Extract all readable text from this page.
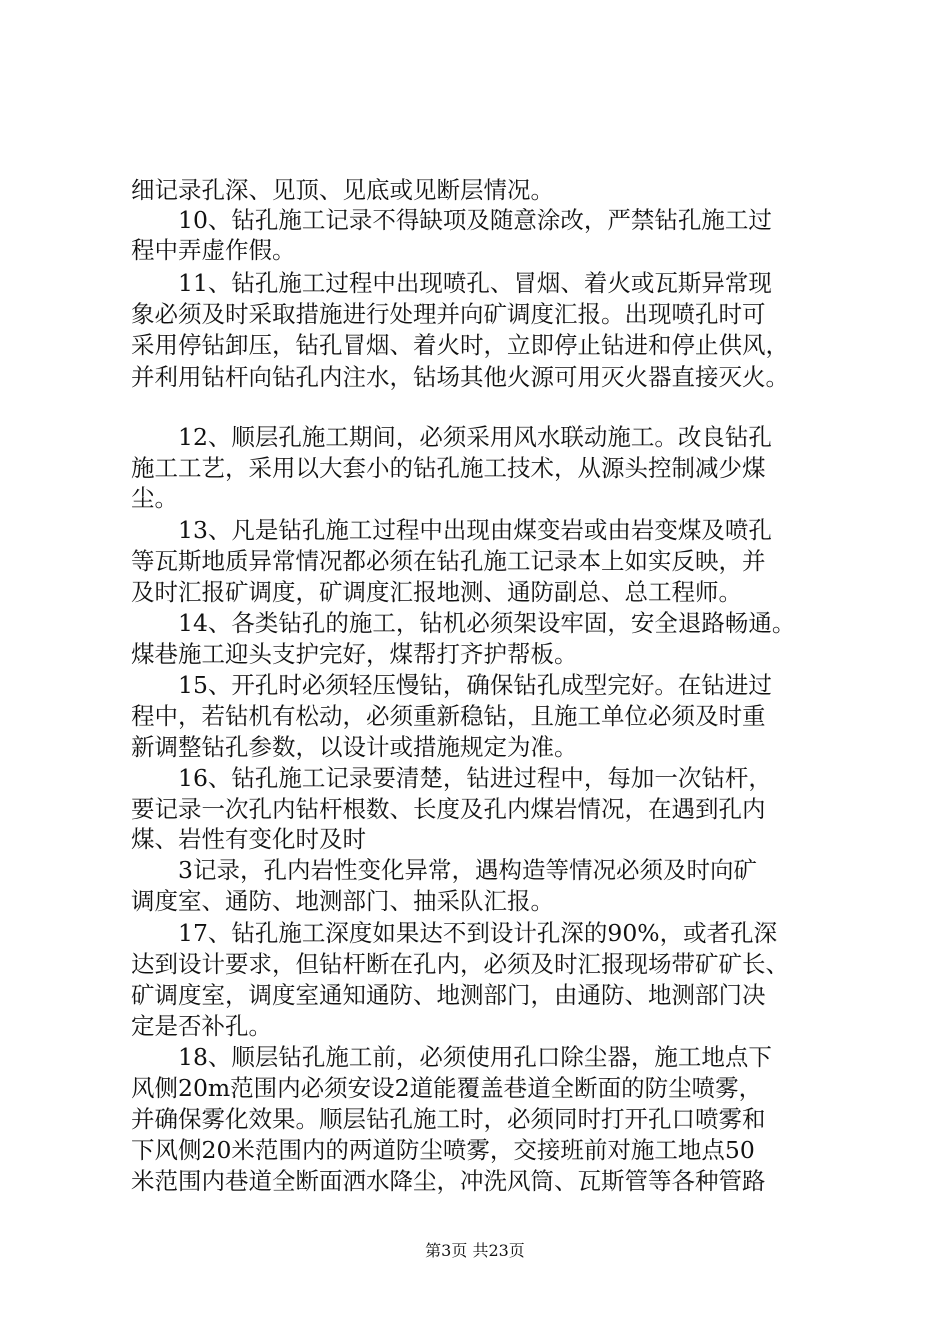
细记录孔深、见顶、见底或见断层情况。
10、钻孔施工记录不得缺项及随意涂改，严禁钻孔施工过
程中弄虚作假。
11、钻孔施工过程中出现喷孔、冒烟、着火或瓦斯异常现
象必须及时采取措施进行处理并向矿调度汇报。出现喷孔时可
采用停钻卸压，钻孔冒烟、着火时，立即停止钻进和停止供风，
并利用钻杆向钻孔内注水，钻场其他火源可用灭火器直接灭火。
12、顺层孔施工期间，必须采用风水联动施工。改良钻孔
施工工艺，采用以大套小的钻孔施工技术，从源头控制减少煤
尘。
13、凡是钻孔施工过程中出现由煤变岩或由岩变煤及喷孔
等瓦斯地质异常情况都必须在钻孔施工记录本上如实反映，并
及时汇报矿调度，矿调度汇报地测、通防副总、总工程师。
14、各类钻孔的施工，钻机必须架设牢固，安全退路畅通。
煤巷施工迎头支护完好，煤帮打齐护帮板。
15、开孔时必须轻压慢钻，确保钻孔成型完好。在钻进过
程中，若钻机有松动，必须重新稳钻，且施工单位必须及时重
新调整钻孔参数，以设计或措施规定为准。
16、钻孔施工记录要清楚，钻进过程中，每加一次钻杆，
要记录一次孔内钻杆根数、长度及孔内煤岩情况，在遇到孔内
煤、岩性有变化时及时
3记录，孔内岩性变化异常，遇构造等情况必须及时向矿
调度室、通防、地测部门、抽采队汇报。
17、钻孔施工深度如果达不到设计孔深的90%，或者孔深
达到设计要求，但钻杆断在孔内，必须及时汇报现场带矿矿长、
矿调度室，调度室通知通防、地测部门，由通防、地测部门决
定是否补孔。
18、顺层钻孔施工前，必须使用孔口除尘器，施工地点下
风侧20m范围内必须安设2道能覆盖巷道全断面的防尘喷雾，
并确保雾化效果。顺层钻孔施工时，必须同时打开孔口喷雾和
下风侧20米范围内的两道防尘喷雾，交接班前对施工地点50
米范围内巷道全断面洒水降尘，冲洗风筒、瓦斯管等各种管路
第3页 共23页
